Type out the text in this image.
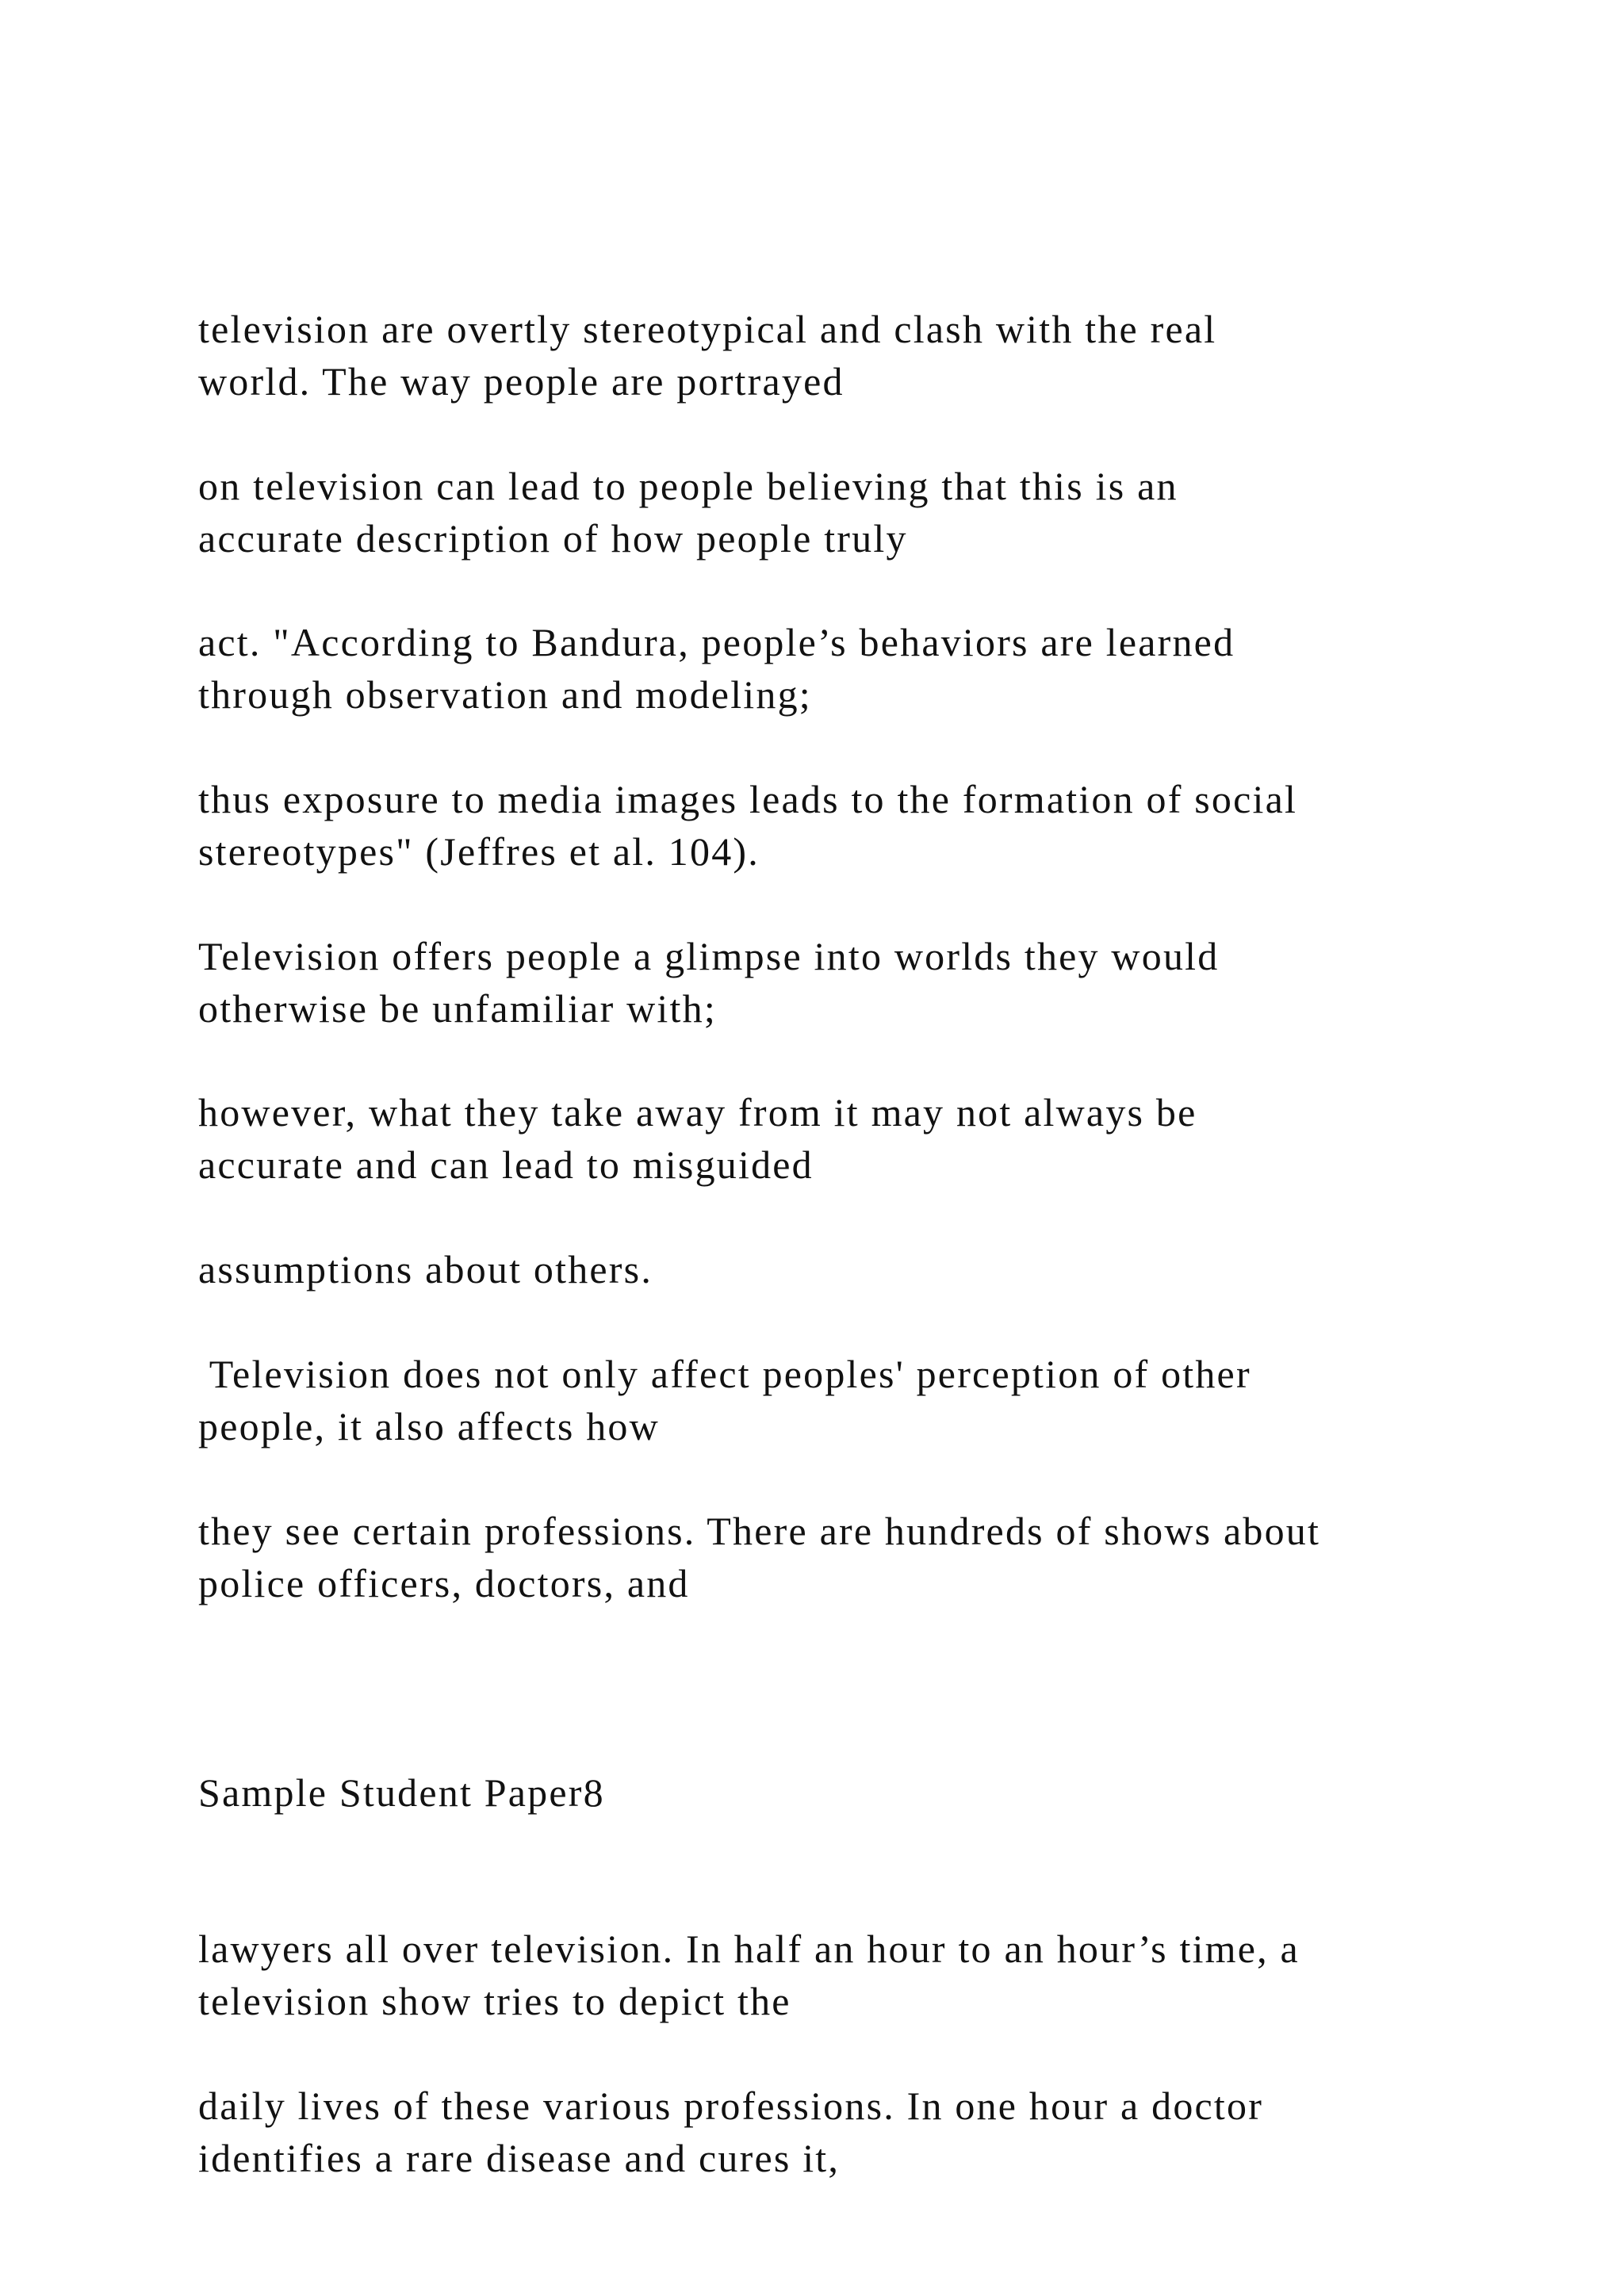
television are overtly stereotypical and clash with the real
world. The way people are portrayed

on television can lead to people believing that this is an
accurate description of how people truly

act. "According to Bandura, people’s behaviors are learned
through observation and modeling;

thus exposure to media images leads to the formation of social
stereotypes" (Jeffres et al. 104).

Television offers people a glimpse into worlds they would
otherwise be unfamiliar with;

however, what they take away from it may not always be
accurate and can lead to misguided

assumptions about others.

Television does not only affect peoples' perception of other
people, it also affects how

they see certain professions. There are hundreds of shows about
police officers, doctors, and

Sample Student Paper8

lawyers all over television. In half an hour to an hour’s time, a
television show tries to depict the

daily lives of these various professions. In one hour a doctor
identifies a rare disease and cures it,
